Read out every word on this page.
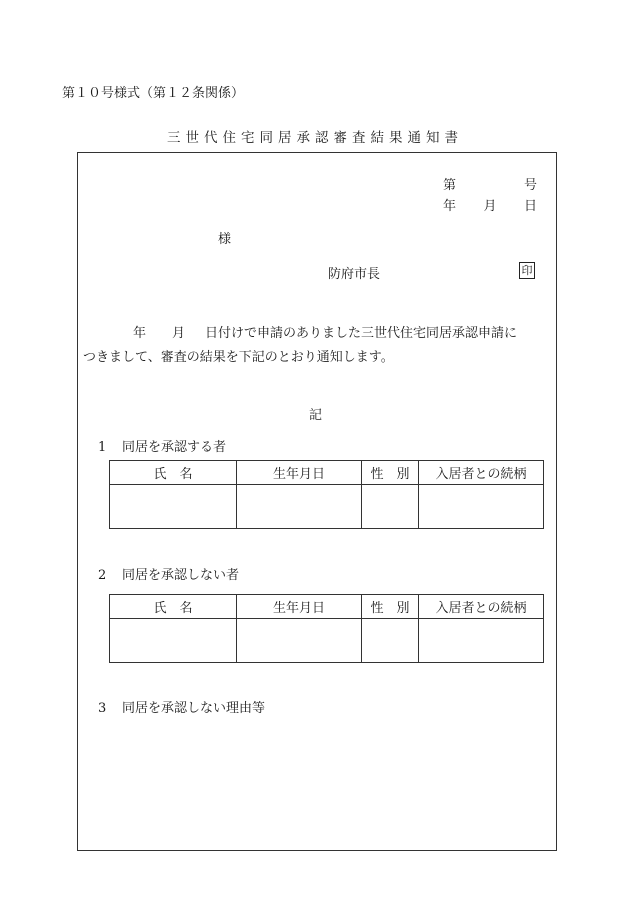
第１０号様式（第１２条関係）
三世代住宅同居承認審査結果通知書
第	号
年 月 日
様
防府市長	印
年 月 日付けで申請のありました三世代住宅同居承認申請に
つきまして、審査の結果を下記のとおり通知します。
記
1 同居を承認する者
氏　名	生年月日	性　別	入居者との続柄

2 同居を承認しない者
氏　名	生年月日	性　別	入居者との続柄

3 同居を承認しない理由等
